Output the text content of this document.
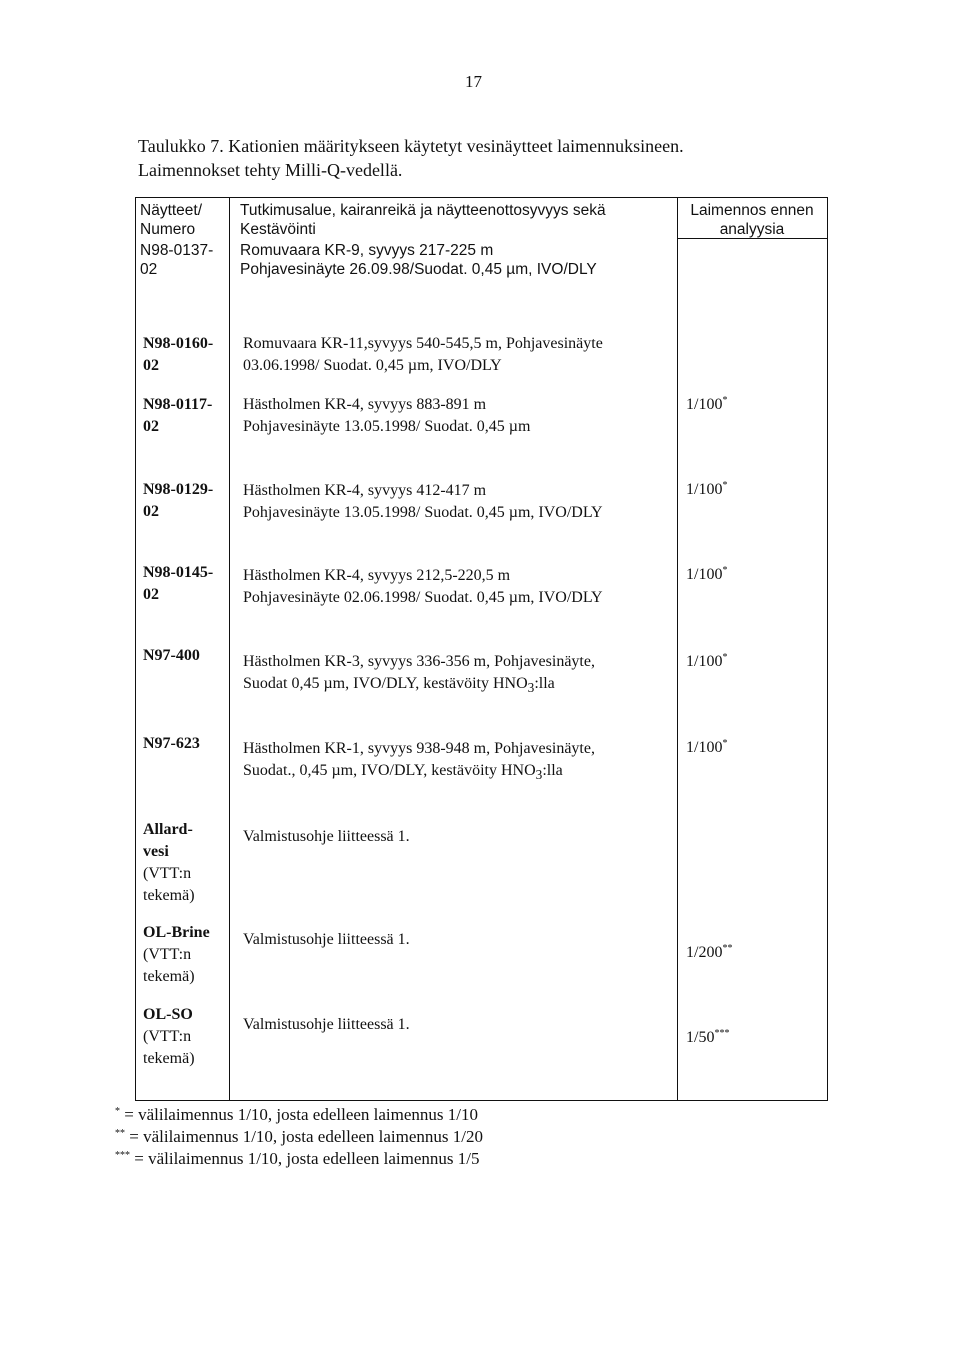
17
Taulukko 7. Kationien määritykseen käytetyt vesinäytteet laimennuksineen.
Laimennokset tehty Milli-Q-vedellä.
Näytteet/
Numero
Tutkimusalue, kairanreikä ja näytteenottosyvyys sekä
Kestävöinti
Laimennos ennen
analyysia
N98-0137-
02
Romuvaara KR-9, syvyys 217-225 m
Pohjavesinäyte 26.09.98/Suodat. 0,45 µm, IVO/DLY
N98-0160-
02
Romuvaara KR-11,syvyys 540-545,5 m, Pohjavesinäyte
03.06.1998/ Suodat. 0,45 µm, IVO/DLY
N98-0117-
02
Hästholmen KR-4, syvyys 883-891 m
Pohjavesinäyte 13.05.1998/ Suodat. 0,45 µm
1/100*
N98-0129-
02
Hästholmen KR-4, syvyys 412-417 m
Pohjavesinäyte 13.05.1998/ Suodat. 0,45 µm, IVO/DLY
1/100*
N98-0145-
02
Hästholmen KR-4, syvyys 212,5-220,5 m
Pohjavesinäyte 02.06.1998/ Suodat. 0,45 µm, IVO/DLY
1/100*
N97-400	Hästholmen KR-3, syvyys 336-356 m, Pohjavesinäyte,
Suodat 0,45 µm, IVO/DLY, kestävöity $HNO_3:lla$
1/100*
N97-623	Hästholmen KR-1, syvyys 938-948 m, Pohjavesinäyte,
Suodat., 0,45 µm, IVO/DLY, kestävöity $HNO_3:lla$
1/100*
Allard-
vesi
(VTT:n
tekemä)
Valmistusohje liitteessä 1.
OL-Brine
(VTT:n
tekemä)
Valmistusohje liitteessä 1.
1/200**
OL-SO
(VTT:n
tekemä)
Valmistusohje liitteessä 1.
1/50***
* = välilaimennus 1/10, josta edelleen laimennus 1/10
** = välilaimennus 1/10, josta edelleen laimennus 1/20
*** = välilaimennus 1/10, josta edelleen laimennus 1/5
